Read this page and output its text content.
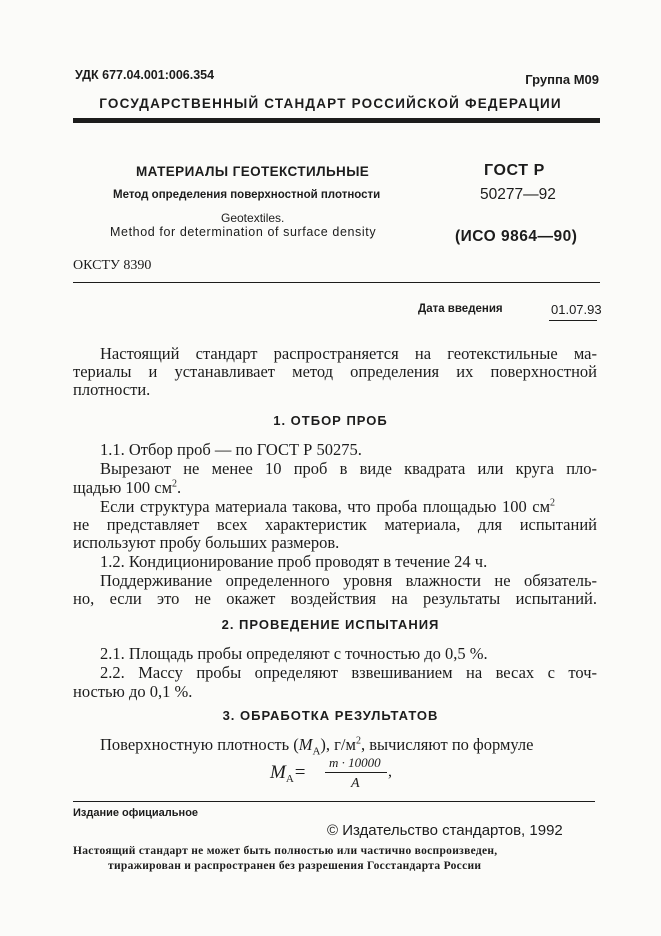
УДК 677.04.001:006.354	Группа М09
ГОСУДАРСТВЕННЫЙ СТАНДАРТ РОССИЙСКОЙ ФЕДЕРАЦИИ
МАТЕРИАЛЫ ГЕОТЕКСТИЛЬНЫЕ
Метод определения поверхностной плотности
Geotextiles.
Method for determination of surface density
ГОСТ Р
50277—92
(ИСО 9864—90)
ОКСТУ 8390
Дата введения	01.07.93
Настоящий стандарт распространяется на геотекстильные ма-
териалы и устанавливает метод определения их поверхностной
плотности.
1. ОТБОР ПРОБ
1.1. Отбор проб — по ГОСТ Р 50275.
Вырезают не менее 10 проб в виде квадрата или круга пло-
щадью 100 $см^2$.
Если структура материала такова, что проба площадью 100 $см^2$
не представляет всех характеристик материала, для испытаний
используют пробу больших размеров.
1.2. Кондиционирование проб проводят в течение 24 ч.
Поддерживание определенного уровня влажности не обязатель-
но, если это не окажет воздействия на результаты испытаний.
2. ПРОВЕДЕНИЕ ИСПЫТАНИЯ
2.1. Площадь пробы определяют с точностью до 0,5 %.
2.2. Массу пробы определяют взвешиванием на весах с точ-
ностью до 0,1 %.
3. ОБРАБОТКА РЕЗУЛЬТАТОВ
Поверхностную плотность $(M_A)$, $г/м^2$, вычисляют по формуле
$M_A= m \cdot 10000$
A
,
Издание официальное
© Издательство стандартов, 1992
Настоящий стандарт не может быть полностью или частично воспроизведен,
тиражирован и распространен без разрешения Госстандарта России
